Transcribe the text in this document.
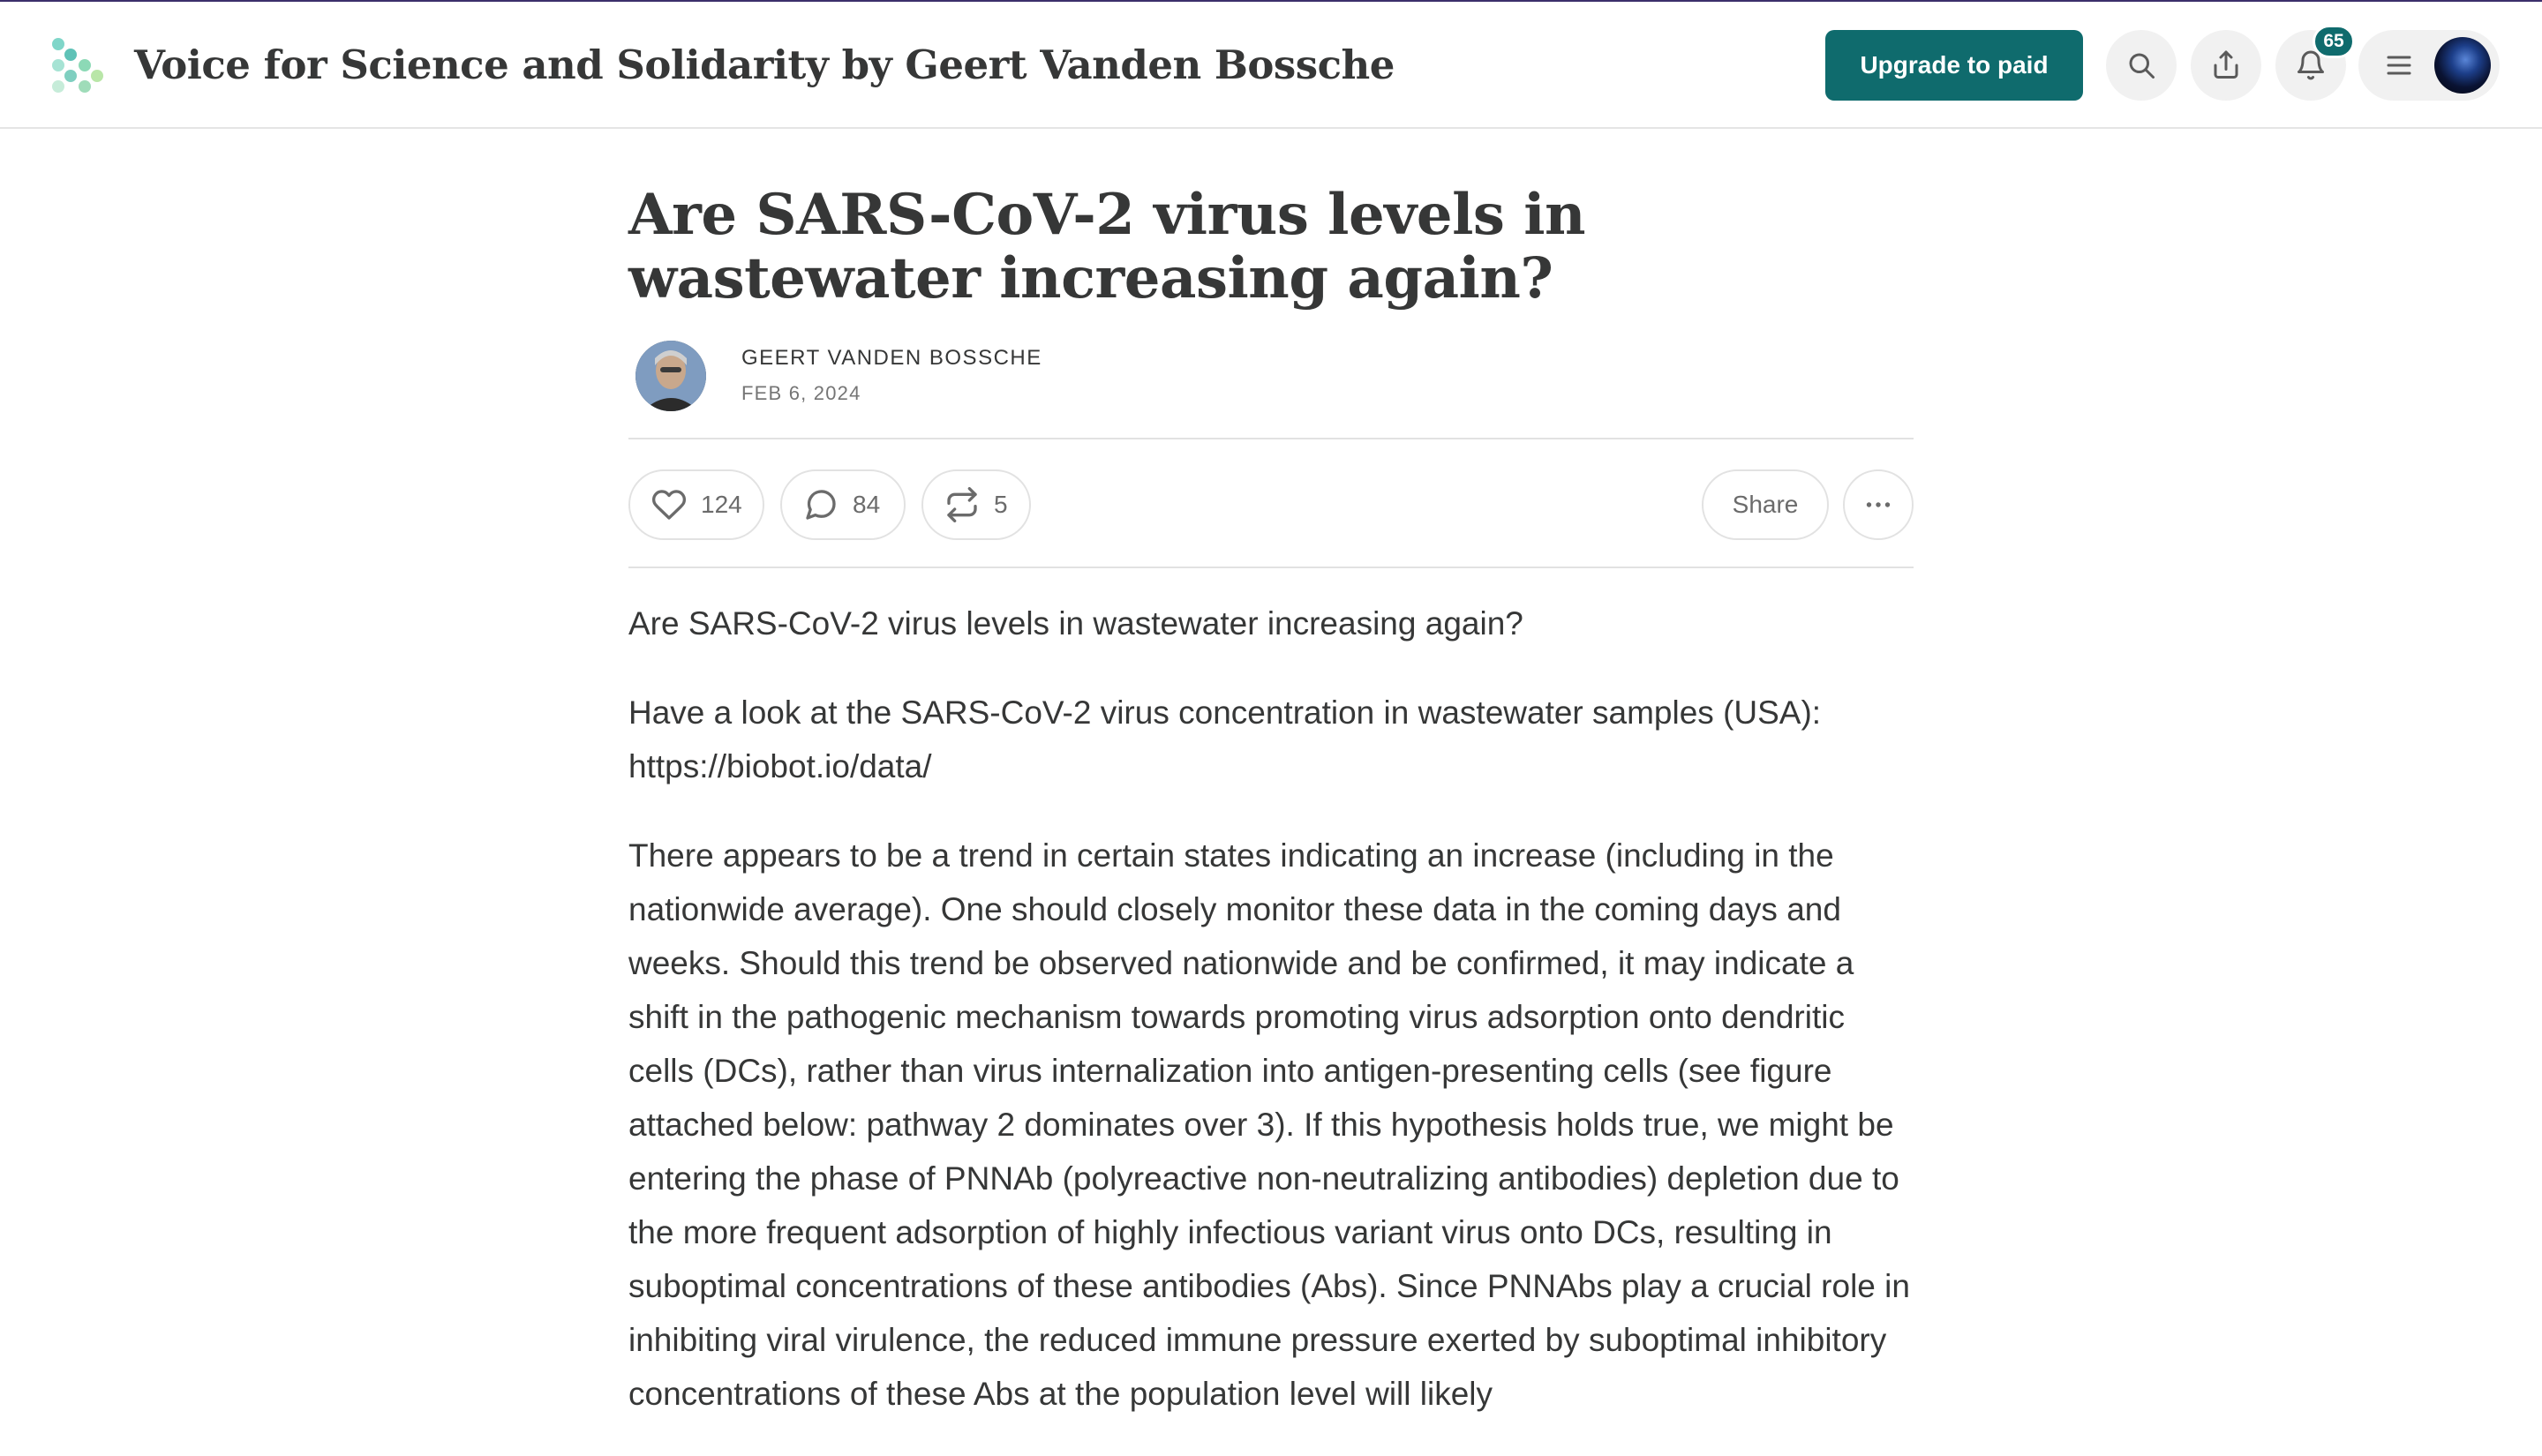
Voice for Science and Solidarity by Geert Vanden Bossche	Upgrade to paid
65
Are SARS-CoV-2 virus levels in wastewater increasing again?
GEERT VANDEN BOSSCHE
FEB 6, 2024
124	84	5	Share

Are SARS-CoV-2 virus levels in wastewater increasing again?

Have a look at the SARS-CoV-2 virus concentration in wastewater samples (USA): https://biobot.io/data/

There appears to be a trend in certain states indicating an increase (including in the nationwide average). One should closely monitor these data in the coming days and weeks. Should this trend be observed nationwide and be confirmed, it may indicate a shift in the pathogenic mechanism towards promoting virus adsorption onto dendritic cells (DCs), rather than virus internalization into antigen-presenting cells (see figure attached below: pathway 2 dominates over 3). If this hypothesis holds true, we might be entering the phase of PNNAb (polyreactive non-neutralizing antibodies) depletion due to the more frequent adsorption of highly infectious variant virus onto DCs, resulting in suboptimal concentrations of these antibodies (Abs). Since PNNAbs play a crucial role in inhibiting viral virulence, the reduced immune pressure exerted by suboptimal inhibitory concentrations of these Abs at the population level will likely
